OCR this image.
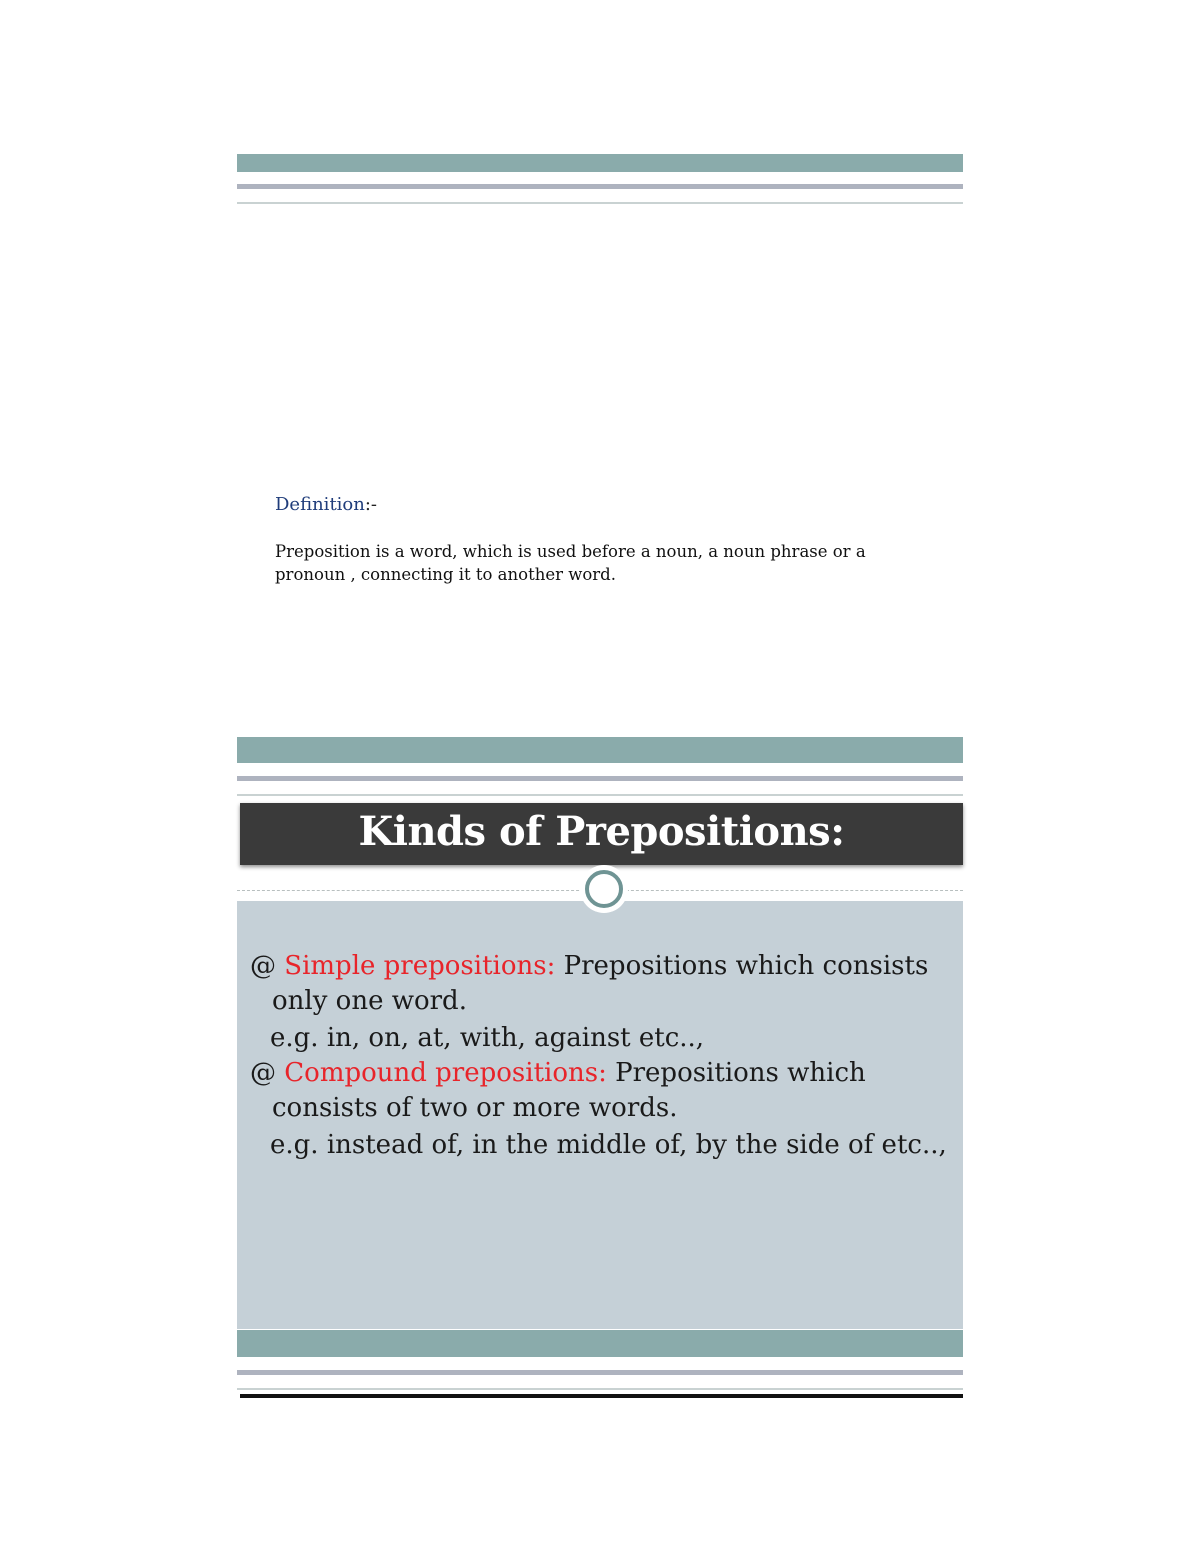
Definition:-
Preposition is a word, which is used before a noun, a noun phrase or a pronoun , connecting it to another word.
Kinds of Prepositions:
@ Simple prepositions: Prepositions which consists
only one word.
e.g. in, on, at, with, against etc..,
@ Compound prepositions: Prepositions which
consists of two or more words.
e.g. instead of, in the middle of, by the side of etc..,
